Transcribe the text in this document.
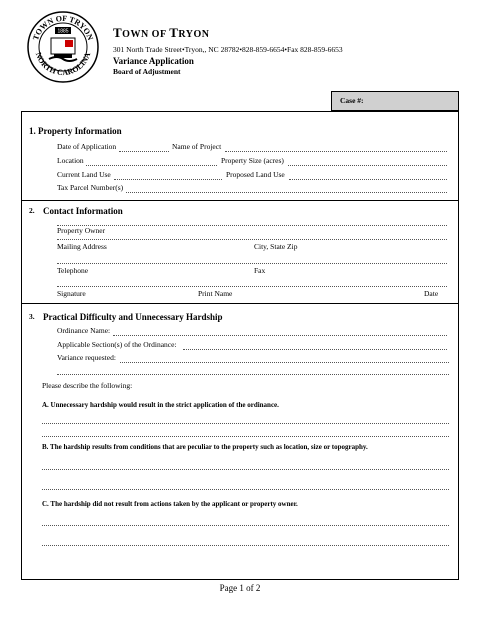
TOWN OF TRYON
NORTH CAROLINA
1885	TOWN OF TRYON
301 North Trade Street•Tryon,, NC 28782•828-859-6654•Fax 828-859-6653
Variance Application
Board of Adjustment
Case #:
1. Property Information
Date of Application	Name of Project
Location	Property Size (acres)
Current Land Use	Proposed Land Use
Tax Parcel Number(s)
2. Contact Information
Property Owner
Mailing Address	City, State Zip
Telephone	Fax
Signature	Print Name	Date
3. Practical Difficulty and Unnecessary Hardship
Ordinance Name:
Applicable Section(s) of the Ordinance:
Variance requested:
Please describe the following:
A. Unnecessary hardship would result in the strict application of the ordinance.
B. The hardship results from conditions that are peculiar to the property such as location, size or topography.
C. The hardship did not result from actions taken by the applicant or property owner.
Page 1 of 2
